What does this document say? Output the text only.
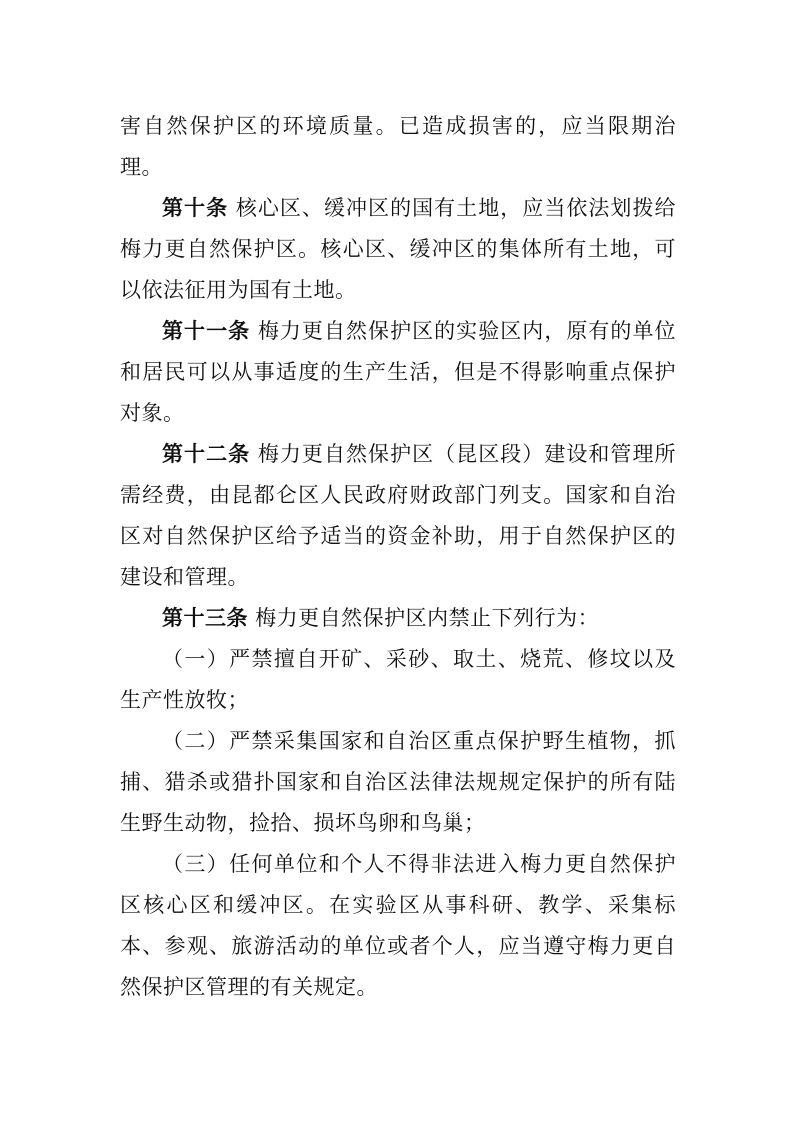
害自然保护区的环境质量。已造成损害的，应当限期治理。

第十条 核心区、缓冲区的国有土地，应当依法划拨给梅力更自然保护区。核心区、缓冲区的集体所有土地，可以依法征用为国有土地。

第十一条 梅力更自然保护区的实验区内，原有的单位和居民可以从事适度的生产生活，但是不得影响重点保护对象。

第十二条 梅力更自然保护区（昆区段）建设和管理所需经费，由昆都仑区人民政府财政部门列支。国家和自治区对自然保护区给予适当的资金补助，用于自然保护区的建设和管理。

第十三条 梅力更自然保护区内禁止下列行为：

（一）严禁擅自开矿、采砂、取土、烧荒、修坟以及生产性放牧；

（二）严禁采集国家和自治区重点保护野生植物，抓捕、猎杀或猎扑国家和自治区法律法规规定保护的所有陆生野生动物，捡拾、损坏鸟卵和鸟巢；

（三）任何单位和个人不得非法进入梅力更自然保护区核心区和缓冲区。在实验区从事科研、教学、采集标本、参观、旅游活动的单位或者个人，应当遵守梅力更自然保护区管理的有关规定。
